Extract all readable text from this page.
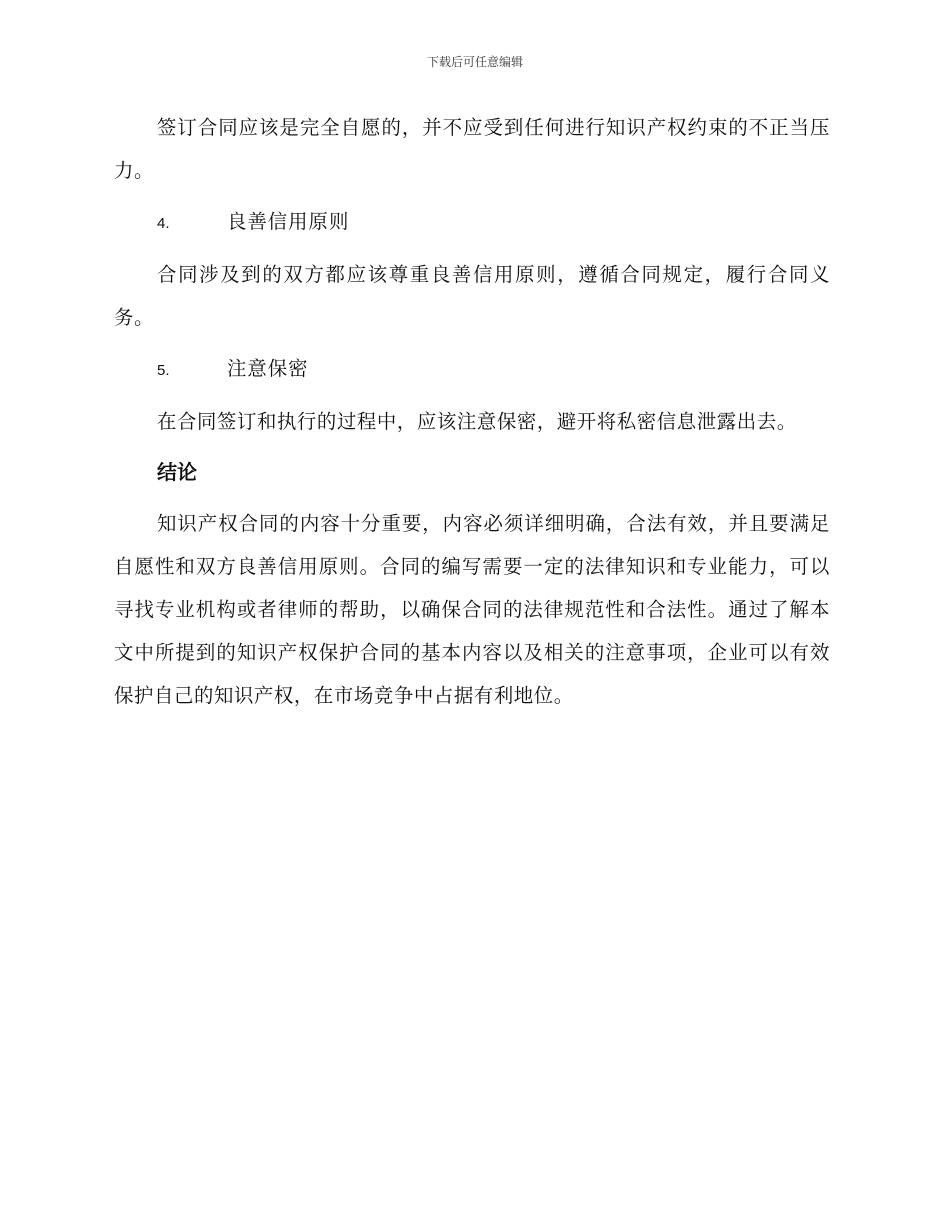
下载后可任意编辑

签订合同应该是完全自愿的，并不应受到任何进行知识产权约束的不正当压力。

4.	良善信用原则

合同涉及到的双方都应该尊重良善信用原则，遵循合同规定，履行合同义务。

5.	注意保密

在合同签订和执行的过程中，应该注意保密，避开将私密信息泄露出去。

结论

知识产权合同的内容十分重要，内容必须详细明确，合法有效，并且要满足自愿性和双方良善信用原则。合同的编写需要一定的法律知识和专业能力，可以寻找专业机构或者律师的帮助，以确保合同的法律规范性和合法性。通过了解本文中所提到的知识产权保护合同的基本内容以及相关的注意事项，企业可以有效保护自己的知识产权，在市场竞争中占据有利地位。
